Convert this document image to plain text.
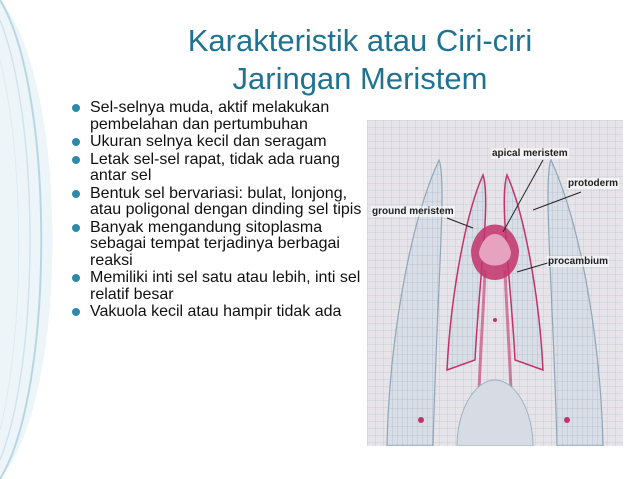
Karakteristik atau Ciri-ciri
Jaringan Meristem
Sel-selnya muda, aktif melakukan pembelahan dan pertumbuhan
Ukuran selnya kecil dan seragam
Letak sel-sel rapat, tidak ada ruang antar sel
Bentuk sel bervariasi: bulat, lonjong, atau poligonal dengan dinding sel tipis
Banyak mengandung sitoplasma sebagai tempat terjadinya berbagai reaksi
Memiliki inti sel satu atau lebih, inti sel relatif besar
Vakuola kecil atau hampir tidak ada
apical meristem
protoderm
ground meristem
procambium
